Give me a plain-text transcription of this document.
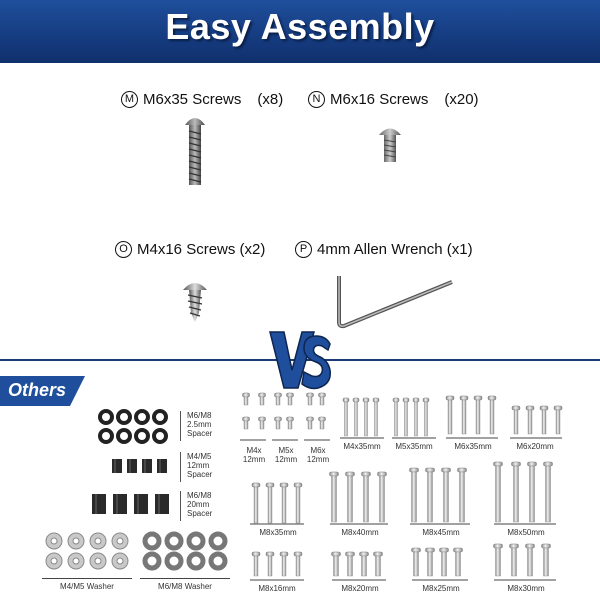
Easy Assembly
M M6x35 Screws (x8)	N M6x16 Screws (x20)
O M4x16 Screws (x2)	P 4mm Allen Wrench (x1)
Others
M6/M8
2.5mm
Spacer
M4/M5
12mm
Spacer
M6/M8
20mm
Spacer
M4/M5 Washer	M6/M8 Washer
M4x
12mm
M5x
12mm
M6x
12mm
M4x35mm	M5x35mm	M6x35mm	M6x20mm
M8x35mm	M8x40mm	M8x45mm	M8x50mm
M8x16mm	M8x20mm	M8x25mm	M8x30mm
